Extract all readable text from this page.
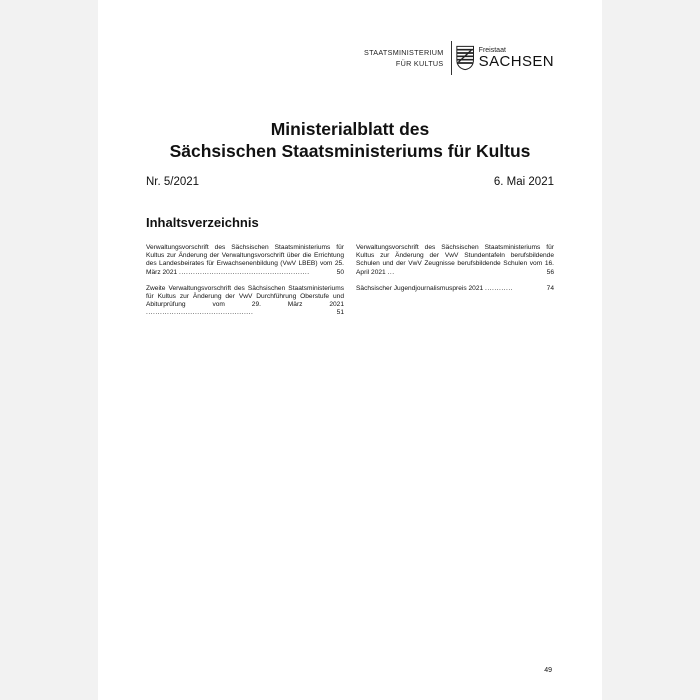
STAATSMINISTERIUM
FÜR KULTUS
Freistaat
SACHSEN
Ministerialblatt des
Sächsischen Staatsministeriums für Kultus
Nr. 5/2021	6. Mai 2021
Inhaltsverzeichnis
Verwaltungsvorschrift des Sächsischen Staatsministeriums für Kultus zur Änderung der Verwaltungsvorschrift über die Errichtung des Landesbeirates für Erwachsenenbildung (VwV LBEB) vom 25. März 2021 ........................................................	50
Zweite Verwaltungsvorschrift des Sächsischen Staatsministeriums für Kultus zur Änderung der VwV Durchführung Oberstufe und Abiturprüfung vom 29. März 2021 ..............................................	51
Verwaltungsvorschrift des Sächsischen Staatsministeriums für Kultus zur Änderung der VwV Stundentafeln berufsbildende Schulen und der VwV Zeugnisse berufsbildende Schulen vom 16. April 2021 ...	56
Sächsischer Jugendjournalismuspreis 2021 ............	74
49
